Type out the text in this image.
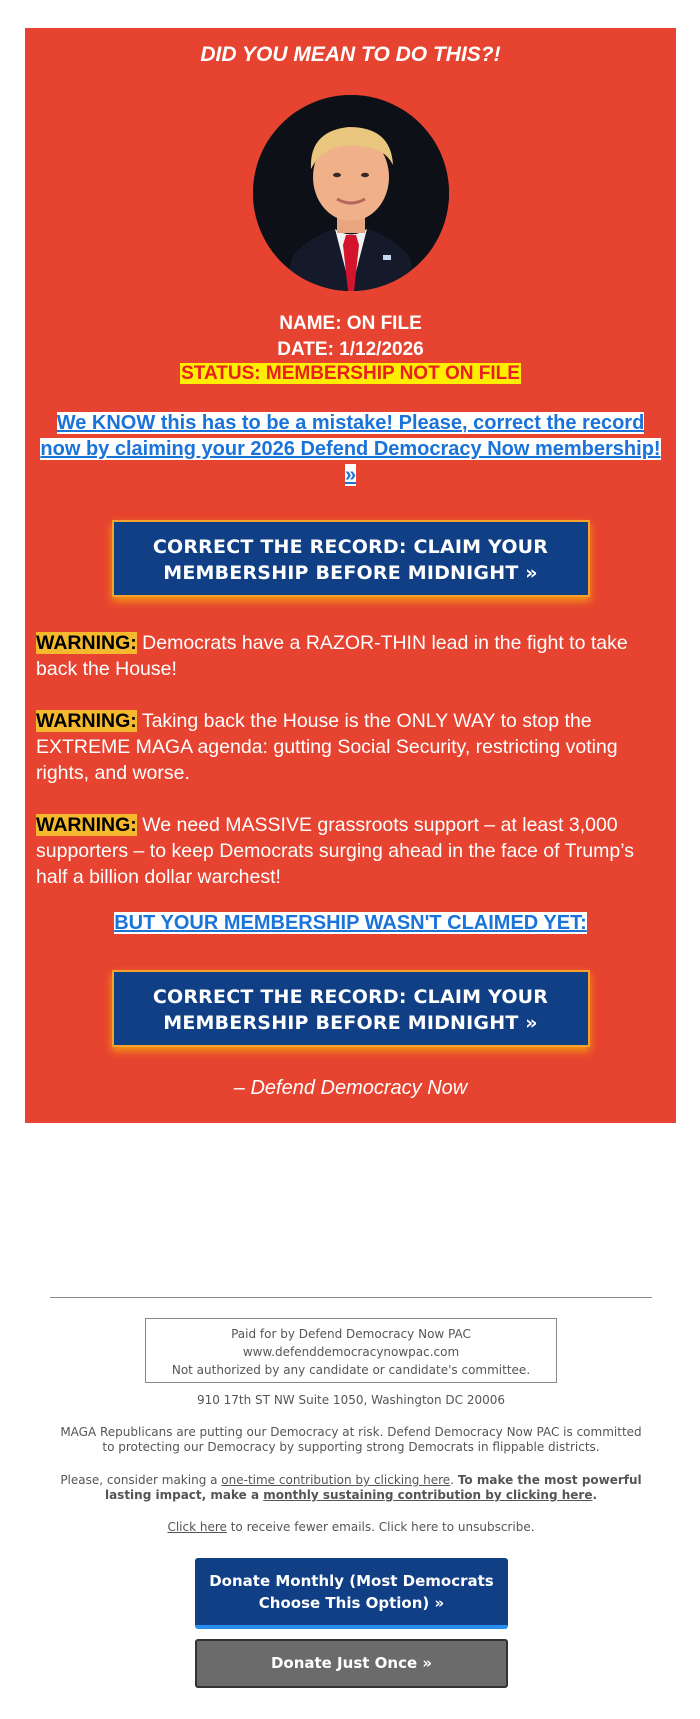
DID YOU MEAN TO DO THIS?!

NAME: ON FILE
DATE: 1/12/2026
STATUS: MEMBERSHIP NOT ON FILE

We KNOW this has to be a mistake! Please, correct the record now by claiming your 2026 Defend Democracy Now membership! »

CORRECT THE RECORD: CLAIM YOUR
MEMBERSHIP BEFORE MIDNIGHT »

WARNING: Democrats have a RAZOR-THIN lead in the fight to take back the House!

WARNING: Taking back the House is the ONLY WAY to stop the EXTREME MAGA agenda: gutting Social Security, restricting voting rights, and worse.

WARNING: We need MASSIVE grassroots support – at least 3,000 supporters – to keep Democrats surging ahead in the face of Trump’s half a billion dollar warchest!

BUT YOUR MEMBERSHIP WASN'T CLAIMED YET:

CORRECT THE RECORD: CLAIM YOUR
MEMBERSHIP BEFORE MIDNIGHT »

– Defend Democracy Now

Paid for by Defend Democracy Now PAC
www.defenddemocracynowpac.com
Not authorized by any candidate or candidate's committee.
910 17th ST NW Suite 1050, Washington DC 20006
MAGA Republicans are putting our Democracy at risk. Defend Democracy Now PAC is committed to protecting our Democracy by supporting strong Democrats in flippable districts.
Please, consider making a one-time contribution by clicking here. To make the most powerful lasting impact, make a monthly sustaining contribution by clicking here.
Click here to receive fewer emails. Click here to unsubscribe.
Donate Monthly (Most Democrats
Choose This Option) »
Donate Just Once »
